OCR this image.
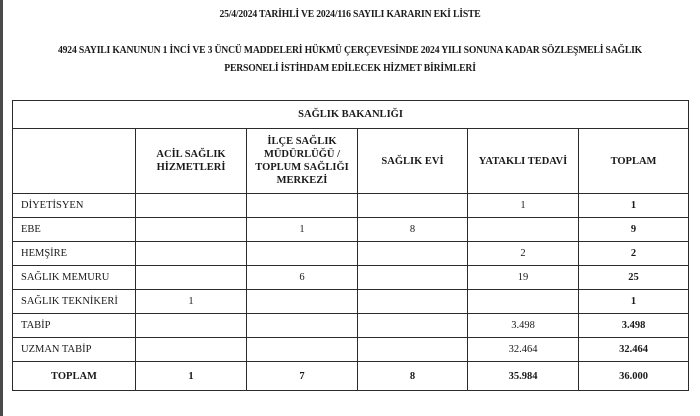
25/4/2024 TARİHLİ VE 2024/116 SAYILI KARARIN EKİ LİSTE
4924 SAYILI KANUNUN 1 İNCİ VE 3 ÜNCÜ MADDELERİ HÜKMÜ ÇERÇEVESİNDE 2024 YILI SONUNA KADAR SÖZLEŞMELİ SAĞLIK
PERSONELİ İSTİHDAM EDİLECEK HİZMET BİRİMLERİ
SAĞLIK BAKANLIĞI					

ACİL SAĞLIK
HİZMETLERİ

İLÇE SAĞLIK
MÜDÜRLÜĞÜ /
TOPLUM SAĞLIĞI
MERKEZİ

SAĞLIK EVİ	YATAKLI TEDAVİ	TOPLAM

DİYETİSYEN				1	1
EBE		1	8		9
HEMŞİRE				2	2
SAĞLIK MEMURU		6		19	25
SAĞLIK TEKNİKERİ	1				1
TABİP				3.498	3.498
UZMAN TABİP				32.464	32.464
TOPLAM	1	7	8	35.984	36.000
